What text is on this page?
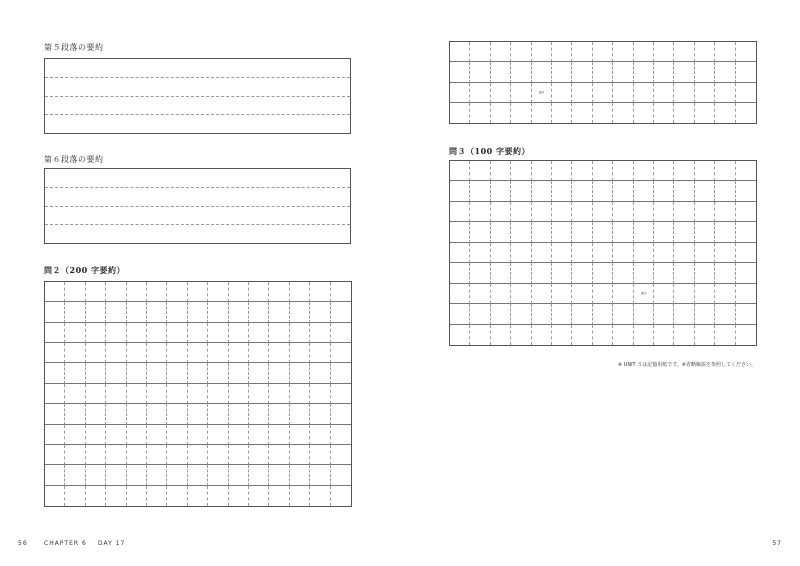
第５段落の要約
第６段落の要約
問２（200 字要約）
56	CHAPTER 6 DAY 17
50
問３（100 字要約）
50
※ UNIT ５は記憶用紙です。※省略解説を参照してください。
57
